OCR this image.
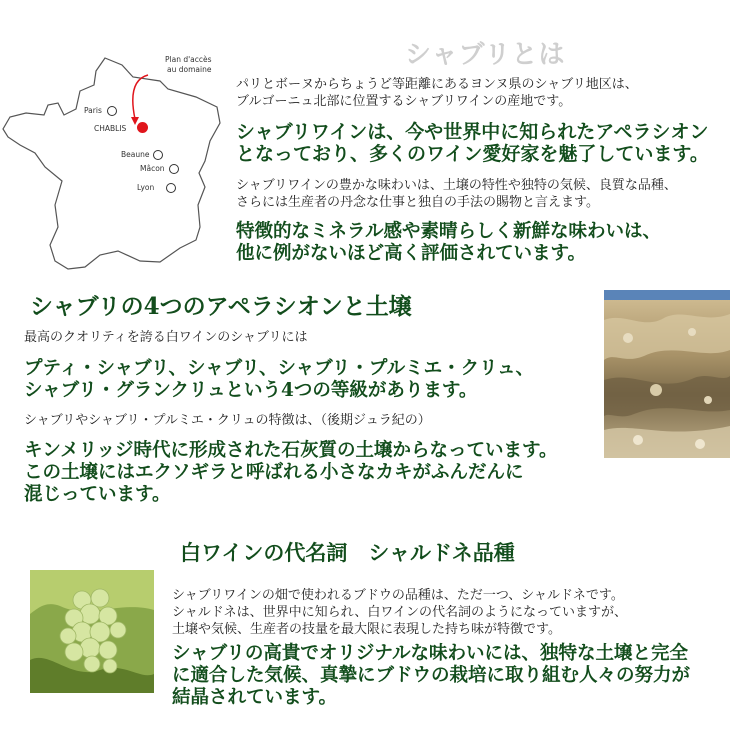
Plan d'accès
au domaine
Paris
CHABLIS
Beaune
Mâcon
Lyon
シャブリとは
パリとボーヌからちょうど等距離にあるヨンヌ県のシャブリ地区は、
ブルゴーニュ北部に位置するシャブリワインの産地です。
シャブリワインは、今や世界中に知られたアペラシオン
となっており、多くのワイン愛好家を魅了しています。
シャブリワインの豊かな味わいは、土壌の特性や独特の気候、良質な品種、
さらには生産者の丹念な仕事と独自の手法の賜物と言えます。
特徴的なミネラル感や素晴らしく新鮮な味わいは、
他に例がないほど高く評価されています。
シャブリの4つのアペラシオンと土壌
最高のクオリティを誇る白ワインのシャブリには
プティ・シャブリ、シャブリ、シャブリ・プルミエ・クリュ、
シャブリ・グランクリュという4つの等級があります。
シャブリやシャブリ・プルミエ・クリュの特徴は、（後期ジュラ紀の）
キンメリッジ時代に形成された石灰質の土壌からなっています。
この土壌にはエクソギラと呼ばれる小さなカキがふんだんに
混じっています。
白ワインの代名詞　シャルドネ品種
シャブリワインの畑で使われるブドウの品種は、ただ一つ、シャルドネです。
シャルドネは、世界中に知られ、白ワインの代名詞のようになっていますが、
土壌や気候、生産者の技量を最大限に表現した持ち味が特徴です。
シャブリの高貴でオリジナルな味わいには、独特な土壌と完全
に適合した気候、真摯にブドウの栽培に取り組む人々の努力が
結晶されています。
